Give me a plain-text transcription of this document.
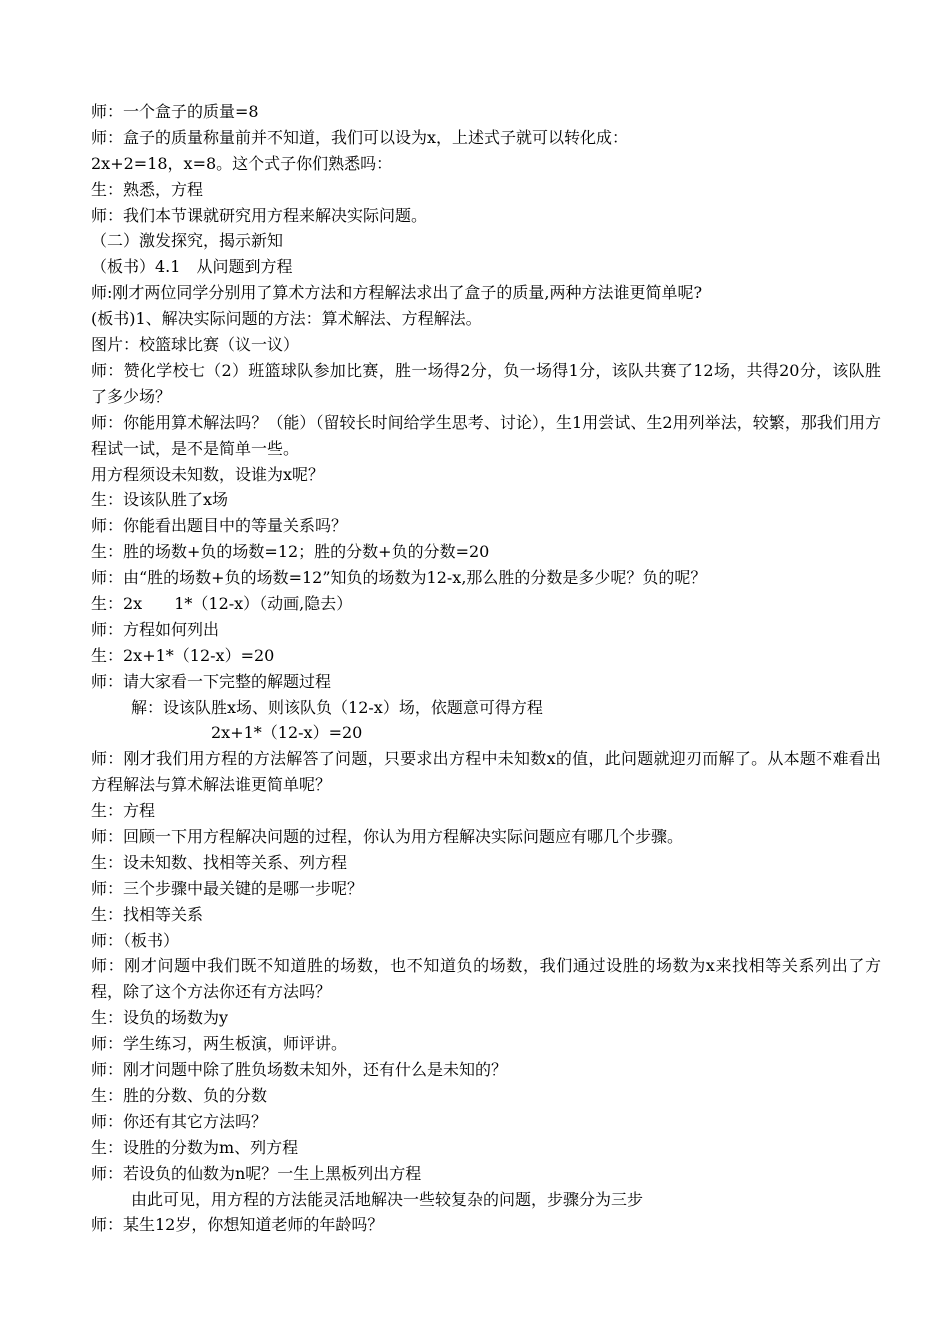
师：一个盒子的质量=8
师：盒子的质量称量前并不知道，我们可以设为x，上述式子就可以转化成：
2x+2=18，x=8。这个式子你们熟悉吗：
生：熟悉，方程
师：我们本节课就研究用方程来解决实际问题。
（二）激发探究，揭示新知
（板书）4.1　从问题到方程
师:刚才两位同学分别用了算术方法和方程解法求出了盒子的质量,两种方法谁更简单呢?
(板书)1、解决实际问题的方法：算术解法、方程解法。
图片：校篮球比赛（议一议）
师：赞化学校七（2）班篮球队参加比赛，胜一场得2分，负一场得1分，该队共赛了12场，共得20分，该队胜了多少场？
师：你能用算术解法吗？（能）（留较长时间给学生思考、讨论），生1用尝试、生2用列举法，较繁，那我们用方程试一试，是不是简单一些。
用方程须设未知数，设谁为x呢？
生：设该队胜了x场
师：你能看出题目中的等量关系吗？
生：胜的场数+负的场数=12；胜的分数+负的分数=20
师：由“胜的场数+负的场数=12”知负的场数为12-x,那么胜的分数是多少呢？负的呢？
生：2x　　1*（12-x）（动画,隐去）
师：方程如何列出
生：2x+1*（12-x）=20
师：请大家看一下完整的解题过程
解：设该队胜x场、则该队负（12-x）场，依题意可得方程
2x+1*（12-x）=20
师：刚才我们用方程的方法解答了问题，只要求出方程中未知数x的值，此问题就迎刃而解了。从本题不难看出方程解法与算术解法谁更简单呢？
生：方程
师：回顾一下用方程解决问题的过程，你认为用方程解决实际问题应有哪几个步骤。
生：设未知数、找相等关系、列方程
师：三个步骤中最关键的是哪一步呢？
生：找相等关系
师：（板书）
师：刚才问题中我们既不知道胜的场数，也不知道负的场数，我们通过设胜的场数为x来找相等关系列出了方程，除了这个方法你还有方法吗？
生：设负的场数为y
师：学生练习，两生板演，师评讲。
师：刚才问题中除了胜负场数未知外，还有什么是未知的？
生：胜的分数、负的分数
师：你还有其它方法吗？
生：设胜的分数为m、列方程
师：若设负的仙数为n呢？一生上黑板列出方程
由此可见，用方程的方法能灵活地解决一些较复杂的问题，步骤分为三步
师：某生12岁，你想知道老师的年龄吗？
